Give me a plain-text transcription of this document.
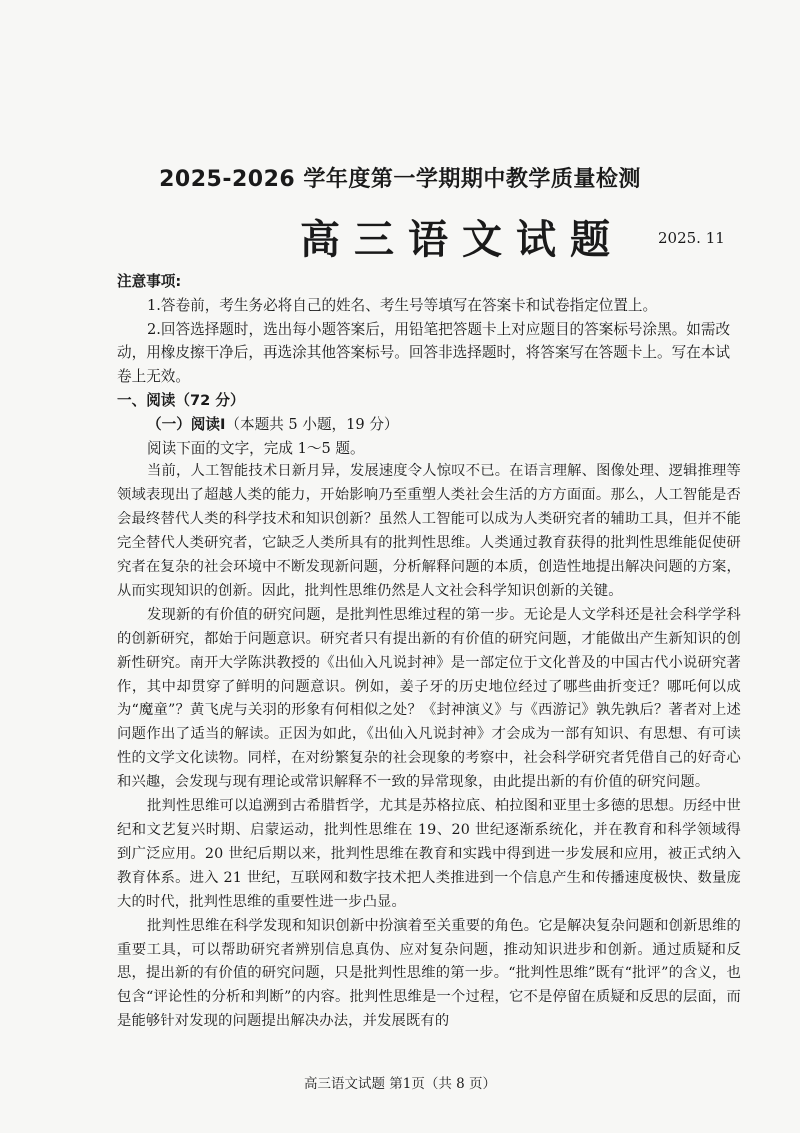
2025-2026 学年度第一学期期中教学质量检测
高三语文试题 2025. 11

注意事项:

1.答卷前，考生务必将自己的姓名、考生号等填写在答案卡和试卷指定位置上。

2.回答选择题时，选出每小题答案后，用铅笔把答题卡上对应题目的答案标号涂黑。如需改动，用橡皮擦干净后，再选涂其他答案标号。回答非选择题时，将答案写在答题卡上。写在本试卷上无效。

一、阅读（72 分）

（一）阅读Ⅰ（本题共 5 小题，19 分）

阅读下面的文字，完成 1～5 题。

当前，人工智能技术日新月异，发展速度令人惊叹不已。在语言理解、图像处理、逻辑推理等领域表现出了超越人类的能力，开始影响乃至重塑人类社会生活的方方面面。那么，人工智能是否会最终替代人类的科学技术和知识创新？虽然人工智能可以成为人类研究者的辅助工具，但并不能完全替代人类研究者，它缺乏人类所具有的批判性思维。人类通过教育获得的批判性思维能促使研究者在复杂的社会环境中不断发现新问题，分析解释问题的本质，创造性地提出解决问题的方案，从而实现知识的创新。因此，批判性思维仍然是人文社会科学知识创新的关键。

发现新的有价值的研究问题，是批判性思维过程的第一步。无论是人文学科还是社会科学学科的创新研究，都始于问题意识。研究者只有提出新的有价值的研究问题，才能做出产生新知识的创新性研究。南开大学陈洪教授的《出仙入凡说封神》是一部定位于文化普及的中国古代小说研究著作，其中却贯穿了鲜明的问题意识。例如，姜子牙的历史地位经过了哪些曲折变迁？哪吒何以成为“魔童”？黄飞虎与关羽的形象有何相似之处？《封神演义》与《西游记》孰先孰后？著者对上述问题作出了适当的解读。正因为如此，《出仙入凡说封神》才会成为一部有知识、有思想、有可读性的文学文化读物。同样，在对纷繁复杂的社会现象的考察中，社会科学研究者凭借自己的好奇心和兴趣，会发现与现有理论或常识解释不一致的异常现象，由此提出新的有价值的研究问题。

批判性思维可以追溯到古希腊哲学，尤其是苏格拉底、柏拉图和亚里士多德的思想。历经中世纪和文艺复兴时期、启蒙运动，批判性思维在 19、20 世纪逐渐系统化，并在教育和科学领域得到广泛应用。20 世纪后期以来，批判性思维在教育和实践中得到进一步发展和应用，被正式纳入教育体系。进入 21 世纪，互联网和数字技术把人类推进到一个信息产生和传播速度极快、数量庞大的时代，批判性思维的重要性进一步凸显。

批判性思维在科学发现和知识创新中扮演着至关重要的角色。它是解决复杂问题和创新思维的重要工具，可以帮助研究者辨别信息真伪、应对复杂问题，推动知识进步和创新。通过质疑和反思，提出新的有价值的研究问题，只是批判性思维的第一步。“批判性思维”既有“批评”的含义，也包含“评论性的分析和判断”的内容。批判性思维是一个过程，它不是停留在质疑和反思的层面，而是能够针对发现的问题提出解决办法，并发展既有的

高三语文试题 第1页（共 8 页）
